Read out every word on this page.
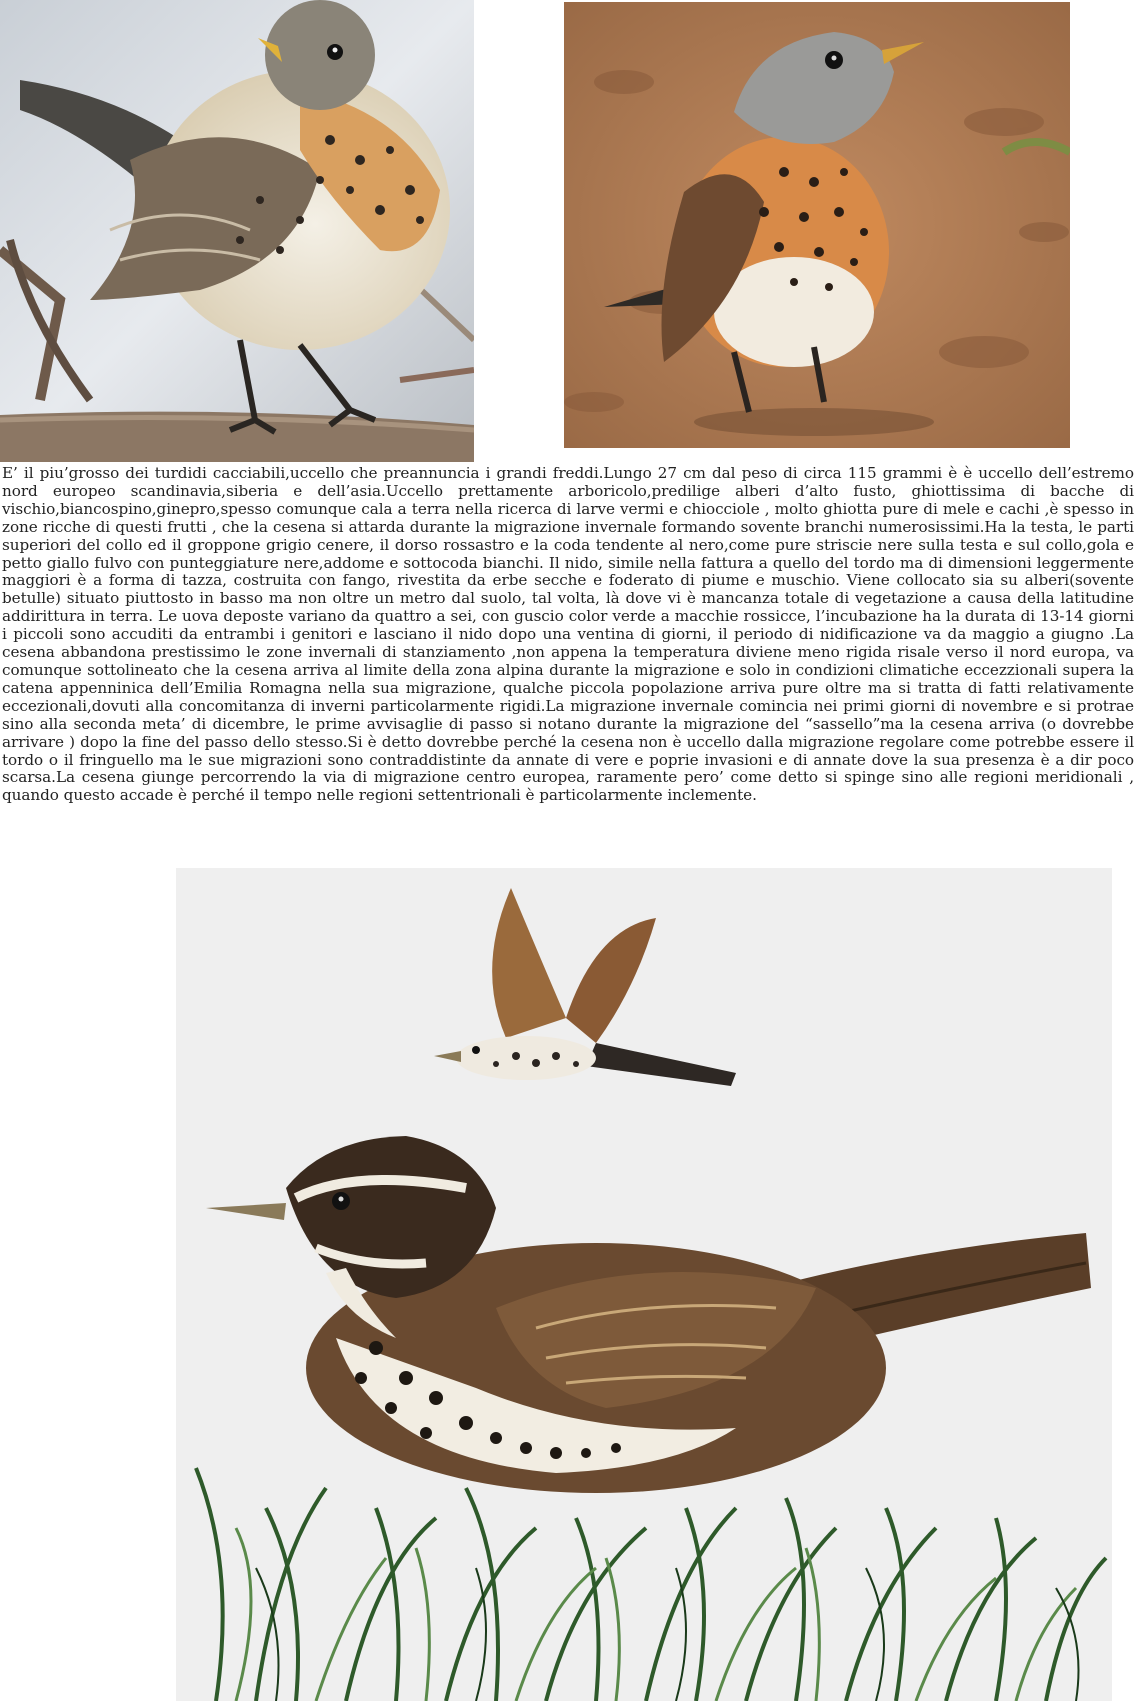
E’ il piu’grosso dei turdidi cacciabili,uccello che preannuncia i grandi freddi.Lungo 27 cm dal peso di circa 115 grammi è è uccello dell’estremo nord europeo scandinavia,siberia e dell’asia.Uccello prettamente arboricolo,predilige alberi d’alto fusto, ghiottissima di bacche di vischio,biancospino,ginepro,spesso comunque cala a terra nella ricerca di larve vermi e chiocciole , molto ghiotta pure di mele e cachi ,è spesso in zone ricche di questi frutti , che la cesena si attarda durante la migrazione invernale formando sovente branchi numerosissimi.Ha la testa, le parti superiori del collo ed il groppone grigio cenere, il dorso rossastro e la coda tendente al nero,come pure striscie nere sulla testa e sul collo,gola e petto giallo fulvo con punteggiature nere,addome e sottocoda bianchi. Il nido, simile nella fattura a quello del tordo ma di dimensioni leggermente maggiori è a forma di tazza, costruita con fango, rivestita da erbe secche e foderato di piume e muschio. Viene collocato sia su alberi(sovente betulle) situato piuttosto in basso ma non oltre un metro dal suolo, tal volta, là dove vi è mancanza totale di vegetazione a causa della latitudine addirittura in terra. Le uova deposte variano da quattro a sei, con guscio color verde a macchie rossicce, l’incubazione ha la durata di 13-14 giorni i piccoli sono accuditi da entrambi i genitori e lasciano il nido dopo una ventina di giorni, il periodo di nidificazione va da maggio a giugno .La cesena abbandona prestissimo le zone invernali di stanziamento ,non appena la temperatura diviene meno rigida risale verso il nord europa, va comunque sottolineato che la cesena arriva al limite della zona alpina durante la migrazione e solo in condizioni climatiche eccezzionali supera la catena appenninica dell’Emilia Romagna nella sua migrazione, qualche piccola popolazione arriva pure oltre ma si tratta di fatti relativamente eccezionali,dovuti alla concomitanza di inverni particolarmente rigidi.La migrazione invernale comincia nei primi giorni di novembre e si protrae sino alla seconda meta’ di dicembre, le prime avvisaglie di passo si notano durante la migrazione del “sassello”ma la cesena arriva (o dovrebbe arrivare ) dopo la fine del passo dello stesso.Si è detto dovrebbe perché la cesena non è uccello dalla migrazione regolare come potrebbe essere il tordo o il fringuello ma le sue migrazioni sono contraddistinte da annate di vere e poprie invasioni e di annate dove la sua presenza è a dir poco scarsa.La cesena giunge percorrendo la via di migrazione centro europea, raramente pero’ come detto si spinge sino alle regioni meridionali , quando questo accade è perché il tempo nelle regioni settentrionali è particolarmente inclemente.
